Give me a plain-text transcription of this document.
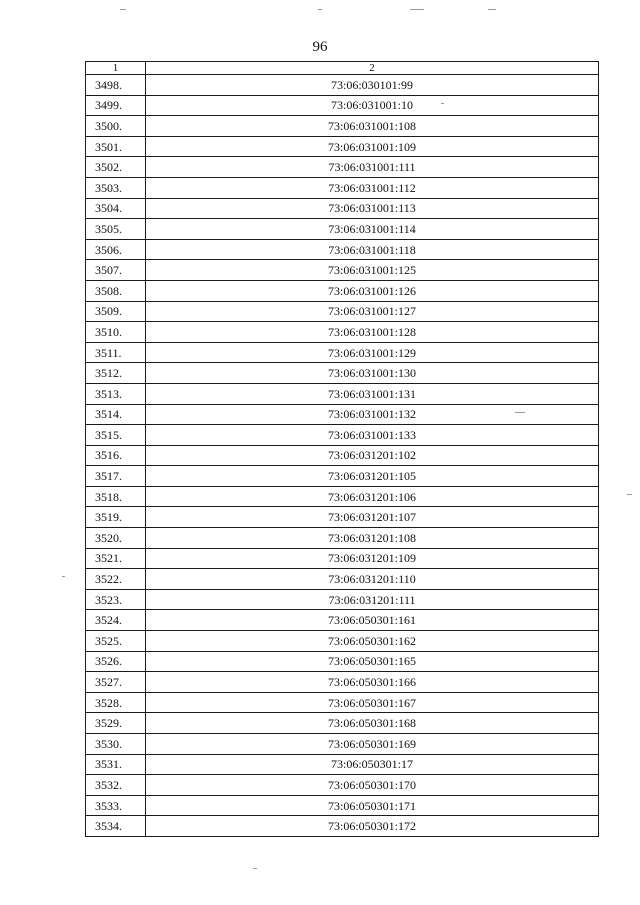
96
1	2
3498.	73:06:030101:99
3499.	73:06:031001:10
3500.	73:06:031001:108
3501.	73:06:031001:109
3502.	73:06:031001:111
3503.	73:06:031001:112
3504.	73:06:031001:113
3505.	73:06:031001:114
3506.	73:06:031001:118
3507.	73:06:031001:125
3508.	73:06:031001:126
3509.	73:06:031001:127
3510.	73:06:031001:128
3511.	73:06:031001:129
3512.	73:06:031001:130
3513.	73:06:031001:131
3514.	73:06:031001:132
3515.	73:06:031001:133
3516.	73:06:031201:102
3517.	73:06:031201:105
3518.	73:06:031201:106
3519.	73:06:031201:107
3520.	73:06:031201:108
3521.	73:06:031201:109
3522.	73:06:031201:110
3523.	73:06:031201:111
3524.	73:06:050301:161
3525.	73:06:050301:162
3526.	73:06:050301:165
3527.	73:06:050301:166
3528.	73:06:050301:167
3529.	73:06:050301:168
3530.	73:06:050301:169
3531.	73:06:050301:17
3532.	73:06:050301:170
3533.	73:06:050301:171
3534.	73:06:050301:172
